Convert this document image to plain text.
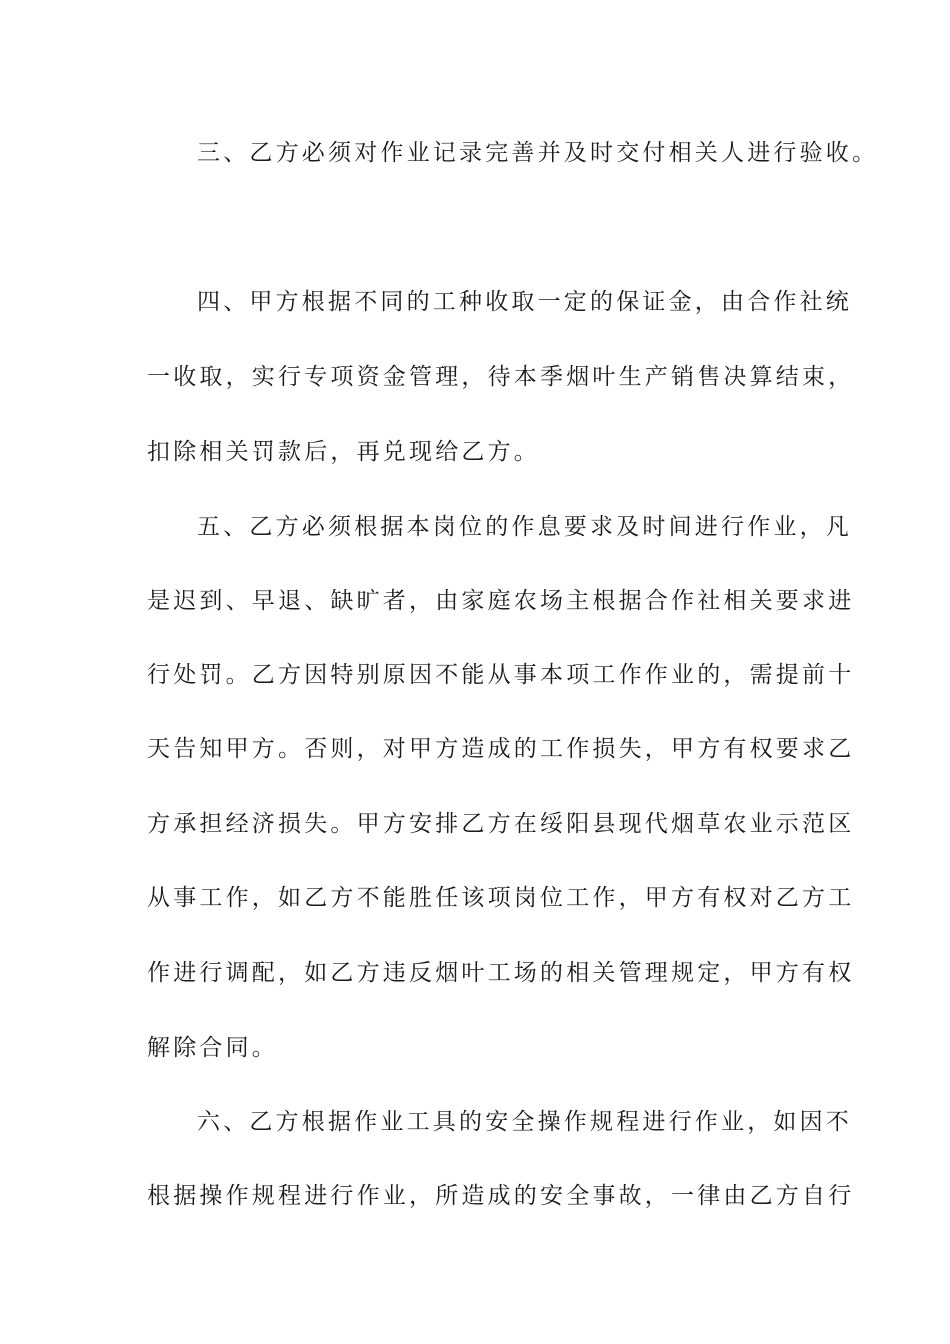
三、乙方必须对作业记录完善并及时交付相关人进行验收。
四、甲方根据不同的工种收取一定的保证金，由合作社统
一收取，实行专项资金管理，待本季烟叶生产销售决算结束，
扣除相关罚款后，再兑现给乙方。
五、乙方必须根据本岗位的作息要求及时间进行作业，凡
是迟到、早退、缺旷者，由家庭农场主根据合作社相关要求进
行处罚。乙方因特别原因不能从事本项工作作业的，需提前十
天告知甲方。否则，对甲方造成的工作损失，甲方有权要求乙
方承担经济损失。甲方安排乙方在绥阳县现代烟草农业示范区
从事工作，如乙方不能胜任该项岗位工作，甲方有权对乙方工
作进行调配，如乙方违反烟叶工场的相关管理规定，甲方有权
解除合同。
六、乙方根据作业工具的安全操作规程进行作业，如因不
根据操作规程进行作业，所造成的安全事故，一律由乙方自行
